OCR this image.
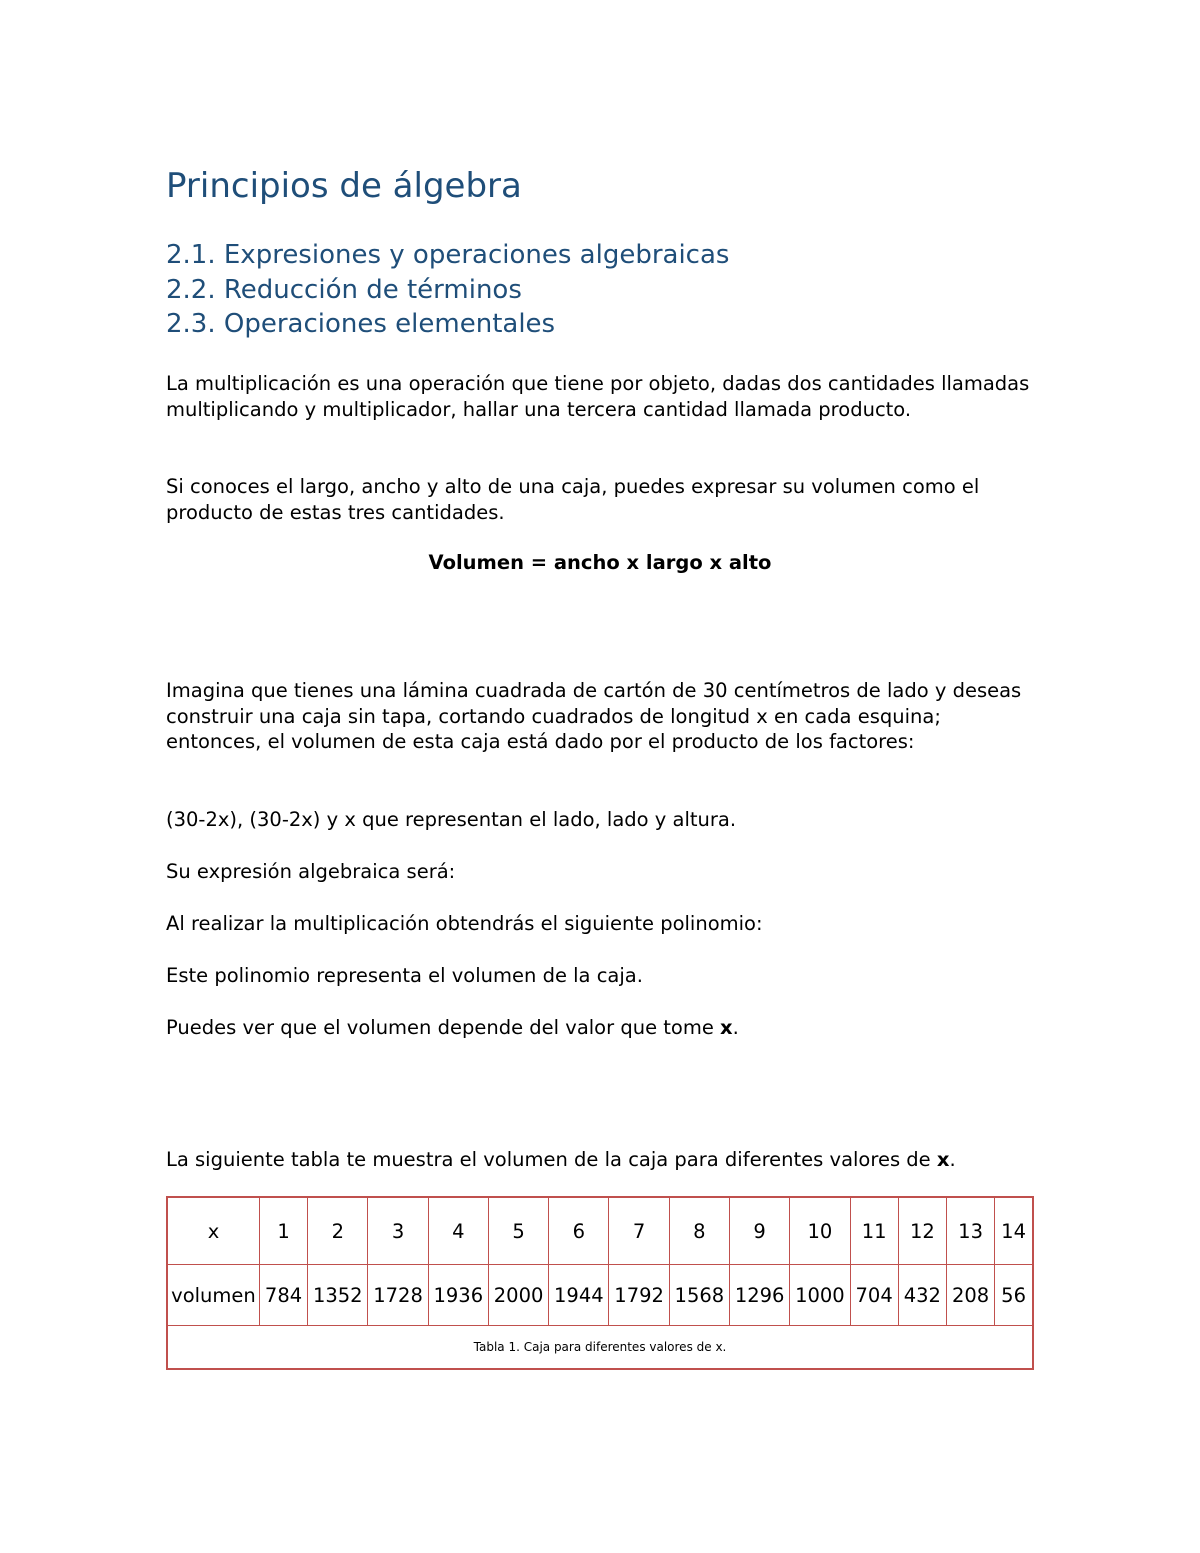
Principios de álgebra
2.1. Expresiones y operaciones algebraicas
2.2. Reducción de términos
2.3. Operaciones elementales

La multiplicación es una operación que tiene por objeto, dadas dos cantidades llamadas multiplicando y multiplicador, hallar una tercera cantidad llamada producto.

Si conoces el largo, ancho y alto de una caja, puedes expresar su volumen como el producto de estas tres cantidades.

Volumen = ancho x largo x alto

Imagina que tienes una lámina cuadrada de cartón de 30 centímetros de lado y deseas construir una caja sin tapa, cortando cuadrados de longitud x en cada esquina; entonces, el volumen de esta caja está dado por el producto de los factores:

(30-2x), (30-2x) y x que representan el lado, lado y altura.

Su expresión algebraica será:

Al realizar la multiplicación obtendrás el siguiente polinomio:

Este polinomio representa el volumen de la caja.

Puedes ver que el volumen depende del valor que tome x.

La siguiente tabla te muestra el volumen de la caja para diferentes valores de x.

x	1	2	3	4	5	6	7	8	9	10	11	12	13	14
volumen	784	1352	1728	1936	2000	1944	1792	1568	1296	1000	704	432	208	56
Tabla 1. Caja para diferentes valores de x.														
